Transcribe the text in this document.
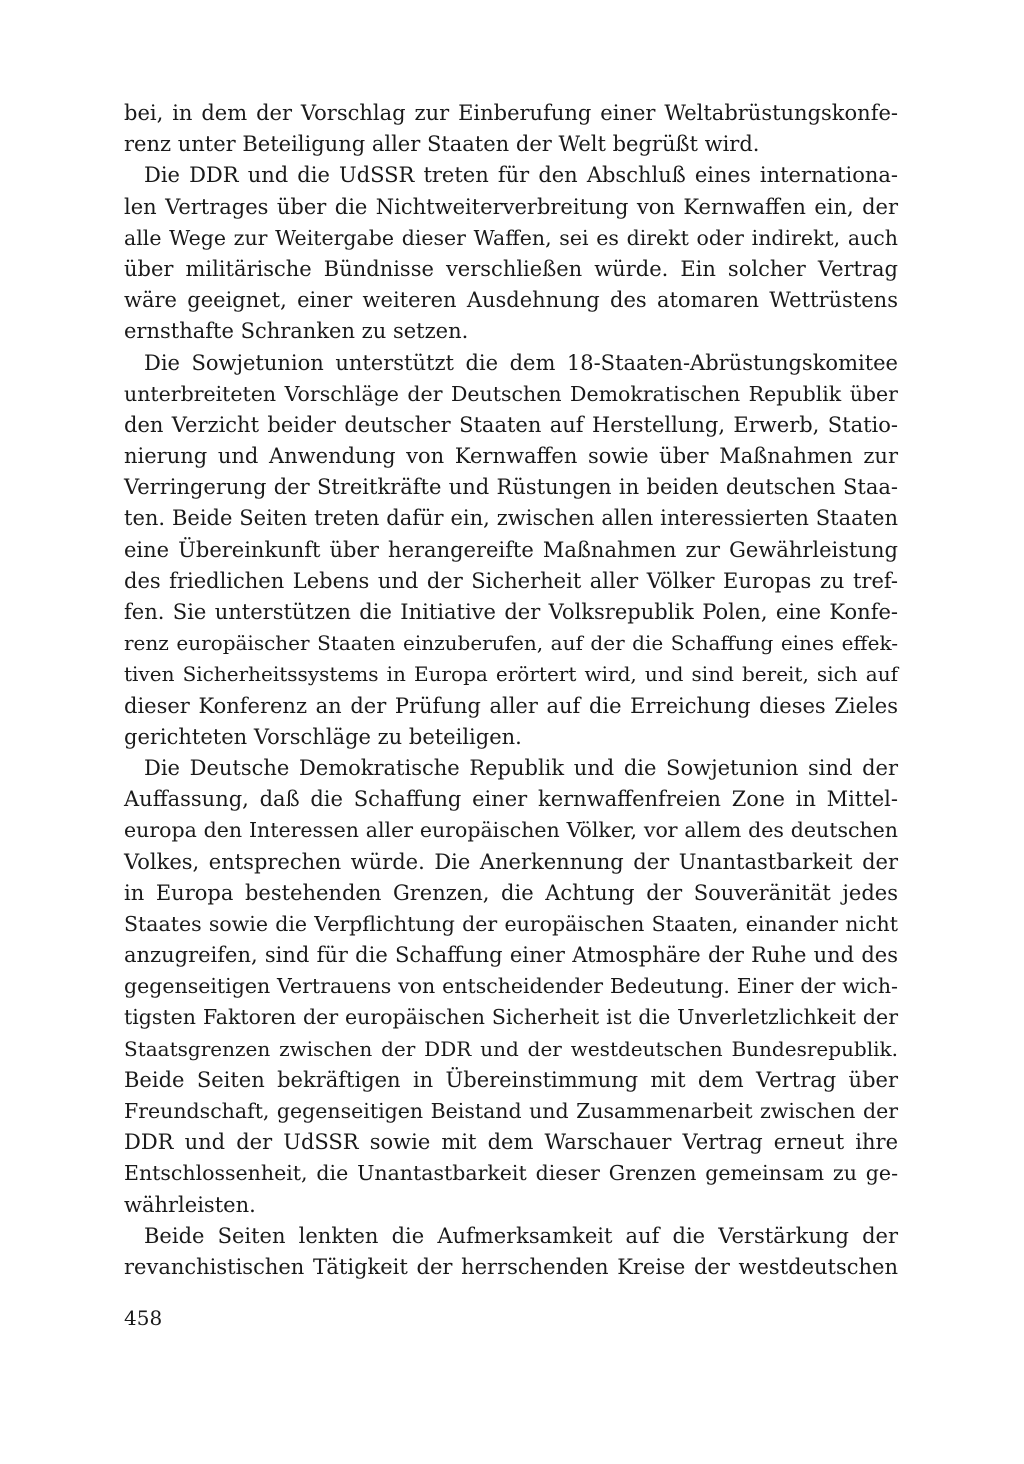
bei, in dem der Vorschlag zur Einberufung einer Weltabrüstungskonfe-
renz unter Beteiligung aller Staaten der Welt begrüßt wird.
Die DDR und die UdSSR treten für den Abschluß eines internationa-
len Vertrages über die Nichtweiterverbreitung von Kernwaffen ein, der
alle Wege zur Weitergabe dieser Waffen, sei es direkt oder indirekt, auch
über militärische Bündnisse verschließen würde. Ein solcher Vertrag
wäre geeignet, einer weiteren Ausdehnung des atomaren Wettrüstens
ernsthafte Schranken zu setzen.
Die Sowjetunion unterstützt die dem 18-Staaten-Abrüstungskomitee
unterbreiteten Vorschläge der Deutschen Demokratischen Republik über
den Verzicht beider deutscher Staaten auf Herstellung, Erwerb, Statio-
nierung und Anwendung von Kernwaffen sowie über Maßnahmen zur
Verringerung der Streitkräfte und Rüstungen in beiden deutschen Staa-
ten. Beide Seiten treten dafür ein, zwischen allen interessierten Staaten
eine Übereinkunft über herangereifte Maßnahmen zur Gewährleistung
des friedlichen Lebens und der Sicherheit aller Völker Europas zu tref-
fen. Sie unterstützen die Initiative der Volksrepublik Polen, eine Konfe-
renz europäischer Staaten einzuberufen, auf der die Schaffung eines effek-
tiven Sicherheitssystems in Europa erörtert wird, und sind bereit, sich auf
dieser Konferenz an der Prüfung aller auf die Erreichung dieses Zieles
gerichteten Vorschläge zu beteiligen.
Die Deutsche Demokratische Republik und die Sowjetunion sind der
Auffassung, daß die Schaffung einer kernwaffenfreien Zone in Mittel-
europa den Interessen aller europäischen Völker, vor allem des deutschen
Volkes, entsprechen würde. Die Anerkennung der Unantastbarkeit der
in Europa bestehenden Grenzen, die Achtung der Souveränität jedes
Staates sowie die Verpflichtung der europäischen Staaten, einander nicht
anzugreifen, sind für die Schaffung einer Atmosphäre der Ruhe und des
gegenseitigen Vertrauens von entscheidender Bedeutung. Einer der wich-
tigsten Faktoren der europäischen Sicherheit ist die Unverletzlichkeit der
Staatsgrenzen zwischen der DDR und der westdeutschen Bundesrepublik.
Beide Seiten bekräftigen in Übereinstimmung mit dem Vertrag über
Freundschaft, gegenseitigen Beistand und Zusammenarbeit zwischen der
DDR und der UdSSR sowie mit dem Warschauer Vertrag erneut ihre
Entschlossenheit, die Unantastbarkeit dieser Grenzen gemeinsam zu ge-
währleisten.
Beide Seiten lenkten die Aufmerksamkeit auf die Verstärkung der
revanchistischen Tätigkeit der herrschenden Kreise der westdeutschen
458
